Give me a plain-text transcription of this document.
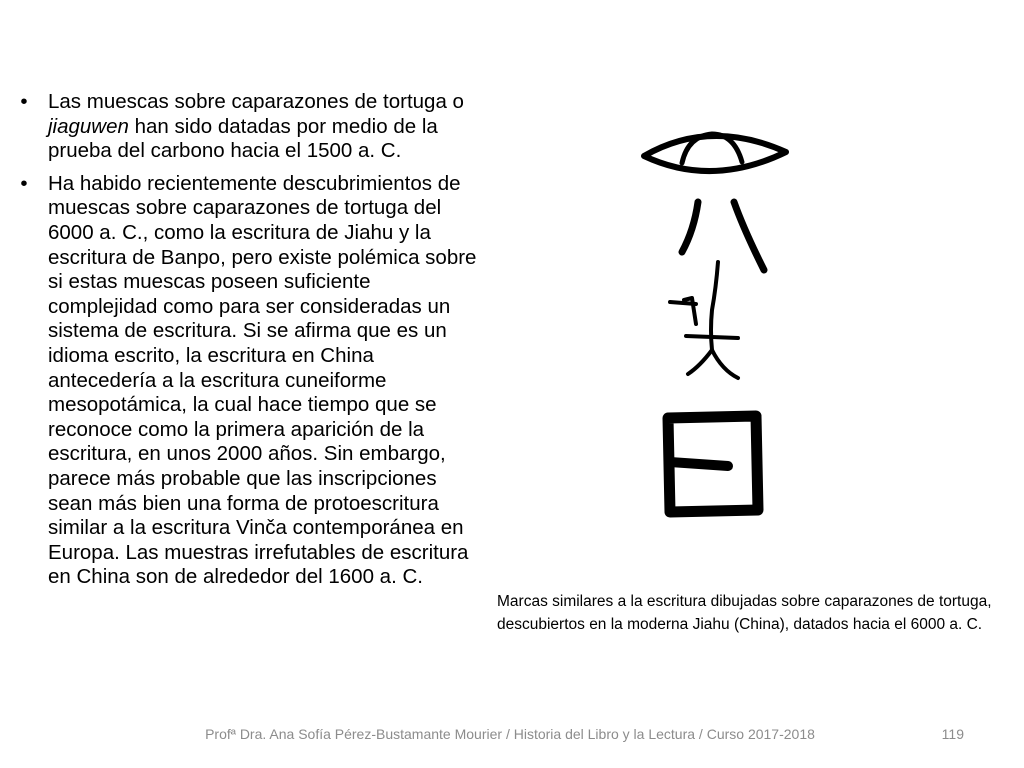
• Las muescas sobre caparazones de tortuga o jiaguwen han sido datadas por medio de la prueba del carbono hacia el 1500 a. C.
• Ha habido recientemente descubrimientos de muescas sobre caparazones de tortuga del 6000 a. C., como la escritura de Jiahu y la escritura de Banpo, pero existe polémica sobre si estas muescas poseen suficiente complejidad como para ser consideradas un sistema de escritura. Si se afirma que es un idioma escrito, la escritura en China antecedería a la escritura cuneiforme mesopotámica, la cual hace tiempo que se reconoce como la primera aparición de la escritura, en unos 2000 años. Sin embargo, parece más probable que las inscripciones sean más bien una forma de protoescritura similar a la escritura Vinča contemporánea en Europa. Las muestras irrefutables de escritura en China son de alrededor del 1600 a. C.
Marcas similares a la escritura dibujadas sobre caparazones de tortuga, descubiertos en la moderna Jiahu (China), datados hacia el 6000 a. C.
Profª Dra. Ana Sofía Pérez-Bustamante Mourier / Historia del Libro y la Lectura / Curso 2017-2018	119
